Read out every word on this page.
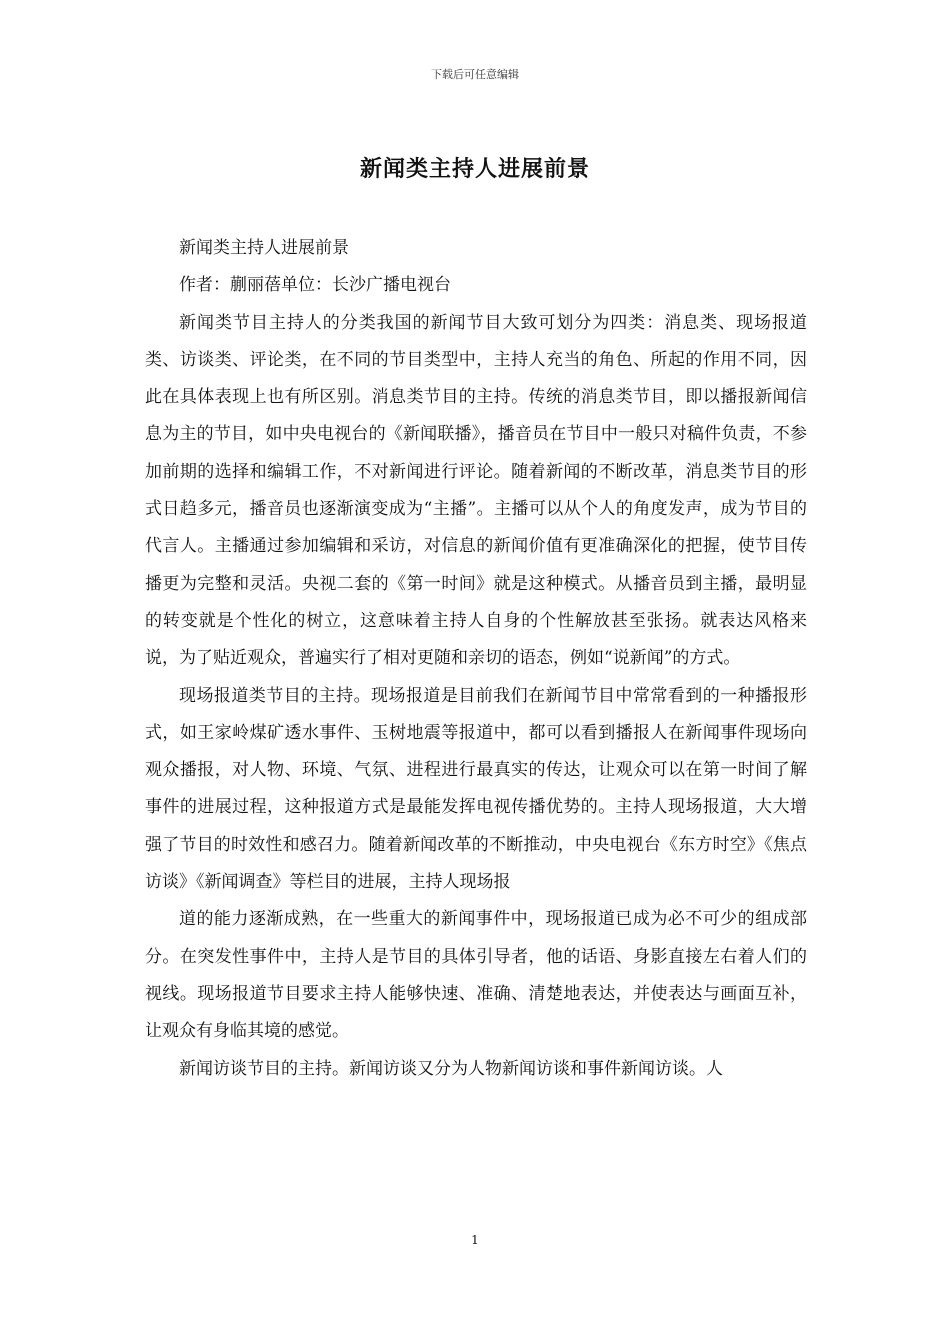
下载后可任意编辑
新闻类主持人进展前景

新闻类主持人进展前景

作者：蒯丽蓓单位：长沙广播电视台

新闻类节目主持人的分类我国的新闻节目大致可划分为四类：消息类、现场报道类、访谈类、评论类，在不同的节目类型中，主持人充当的角色、所起的作用不同，因此在具体表现上也有所区别。消息类节目的主持。传统的消息类节目，即以播报新闻信息为主的节目，如中央电视台的《新闻联播》，播音员在节目中一般只对稿件负责，不参加前期的选择和编辑工作，不对新闻进行评论。随着新闻的不断改革，消息类节目的形式日趋多元，播音员也逐渐演变成为“主播”。主播可以从个人的角度发声，成为节目的代言人。主播通过参加编辑和采访，对信息的新闻价值有更准确深化的把握，使节目传播更为完整和灵活。央视二套的《第一时间》就是这种模式。从播音员到主播，最明显的转变就是个性化的树立，这意味着主持人自身的个性解放甚至张扬。就表达风格来说，为了贴近观众，普遍实行了相对更随和亲切的语态，例如“说新闻”的方式。

现场报道类节目的主持。现场报道是目前我们在新闻节目中常常看到的一种播报形式，如王家岭煤矿透水事件、玉树地震等报道中，都可以看到播报人在新闻事件现场向观众播报，对人物、环境、气氛、进程进行最真实的传达，让观众可以在第一时间了解事件的进展过程，这种报道方式是最能发挥电视传播优势的。主持人现场报道，大大增强了节目的时效性和感召力。随着新闻改革的不断推动，中央电视台《东方时空》《焦点访谈》《新闻调查》等栏目的进展，主持人现场报

道的能力逐渐成熟，在一些重大的新闻事件中，现场报道已成为必不可少的组成部分。在突发性事件中，主持人是节目的具体引导者，他的话语、身影直接左右着人们的视线。现场报道节目要求主持人能够快速、准确、清楚地表达，并使表达与画面互补，让观众有身临其境的感觉。

新闻访谈节目的主持。新闻访谈又分为人物新闻访谈和事件新闻访谈。人

1
